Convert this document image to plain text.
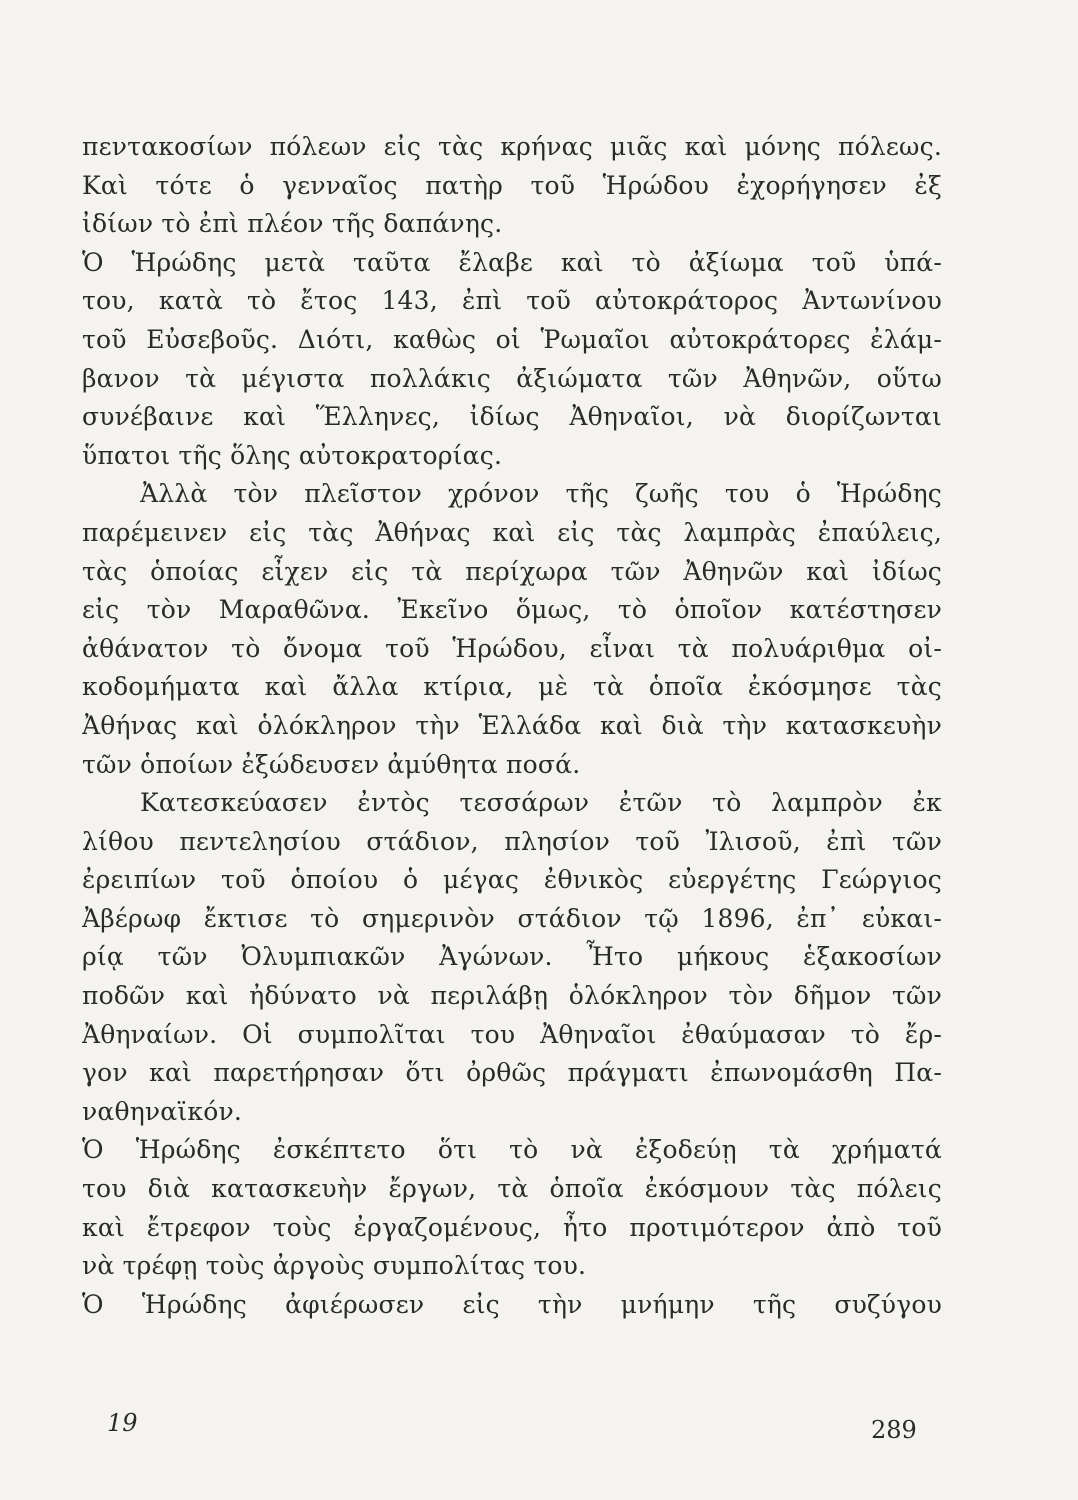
πεντακοσίων πόλεων εἰς τὰς κρήνας μιᾶς καὶ μόνης πόλεως.
Καὶ τότε ὁ γενναῖος πατὴρ τοῦ Ἡρώδου ἐχορήγησεν ἐξ
ἰδίων τὸ ἐπὶ πλέον τῆς δαπάνης.
Ὁ Ἡρώδης μετὰ ταῦτα ἔλαβε καὶ τὸ ἀξίωμα τοῦ ὑπά-
του, κατὰ τὸ ἔτος 143, ἐπὶ τοῦ αὐτοκράτορος Ἀντωνίνου
τοῦ Εὐσεβοῦς. Διότι, καθὼς οἱ Ῥωμαῖοι αὐτοκράτορες ἐλάμ-
βανον τὰ μέγιστα πολλάκις ἀξιώματα τῶν Ἀθηνῶν, οὕτω
συνέβαινε καὶ Ἕλληνες, ἰδίως Ἀθηναῖοι, νὰ διορίζωνται
ὕπατοι τῆς ὅλης αὐτοκρατορίας.
Ἀλλὰ τὸν πλεῖστον χρόνον τῆς ζωῆς του ὁ Ἡρώδης
παρέμεινεν εἰς τὰς Ἀθήνας καὶ εἰς τὰς λαμπρὰς ἐπαύλεις,
τὰς ὁποίας εἶχεν εἰς τὰ περίχωρα τῶν Ἀθηνῶν καὶ ἰδίως
εἰς τὸν Μαραθῶνα. Ἐκεῖνο ὅμως, τὸ ὁποῖον κατέστησεν
ἀθάνατον τὸ ὄνομα τοῦ Ἡρώδου, εἶναι τὰ πολυάριθμα οἰ-
κοδομήματα καὶ ἄλλα κτίρια, μὲ τὰ ὁποῖα ἐκόσμησε τὰς
Ἀθήνας καὶ ὁλόκληρον τὴν Ἑλλάδα καὶ διὰ τὴν κατασκευὴν
τῶν ὁποίων ἐξώδευσεν ἀμύθητα ποσά.
Κατεσκεύασεν ἐντὸς τεσσάρων ἐτῶν τὸ λαμπρὸν ἐκ
λίθου πεντελησίου στάδιον, πλησίον τοῦ Ἰλισοῦ, ἐπὶ τῶν
ἐρειπίων τοῦ ὁποίου ὁ μέγας ἐθνικὸς εὐεργέτης Γεώργιος
Ἀβέρωφ ἔκτισε τὸ σημερινὸν στάδιον τῷ 1896, ἐπ᾽ εὐκαι-
ρίᾳ τῶν Ὀλυμπιακῶν Ἀγώνων. Ἦτο μήκους ἑξακοσίων
ποδῶν καὶ ἠδύνατο νὰ περιλάβῃ ὁλόκληρον τὸν δῆμον τῶν
Ἀθηναίων. Οἱ συμπολῖται του Ἀθηναῖοι ἐθαύμασαν τὸ ἔρ-
γον καὶ παρετήρησαν ὅτι ὀρθῶς πράγματι ἐπωνομάσθη Πα-
ναθηναϊκόν.
Ὁ Ἡρώδης ἐσκέπτετο ὅτι τὸ νὰ ἐξοδεύῃ τὰ χρήματά
του διὰ κατασκευὴν ἔργων, τὰ ὁποῖα ἐκόσμουν τὰς πόλεις
καὶ ἔτρεφον τοὺς ἐργαζομένους, ἦτο προτιμότερον ἀπὸ τοῦ
νὰ τρέφῃ τοὺς ἀργοὺς συμπολίτας του.
Ὁ Ἡρώδης ἀφιέρωσεν εἰς τὴν μνήμην τῆς συζύγου
19	289
